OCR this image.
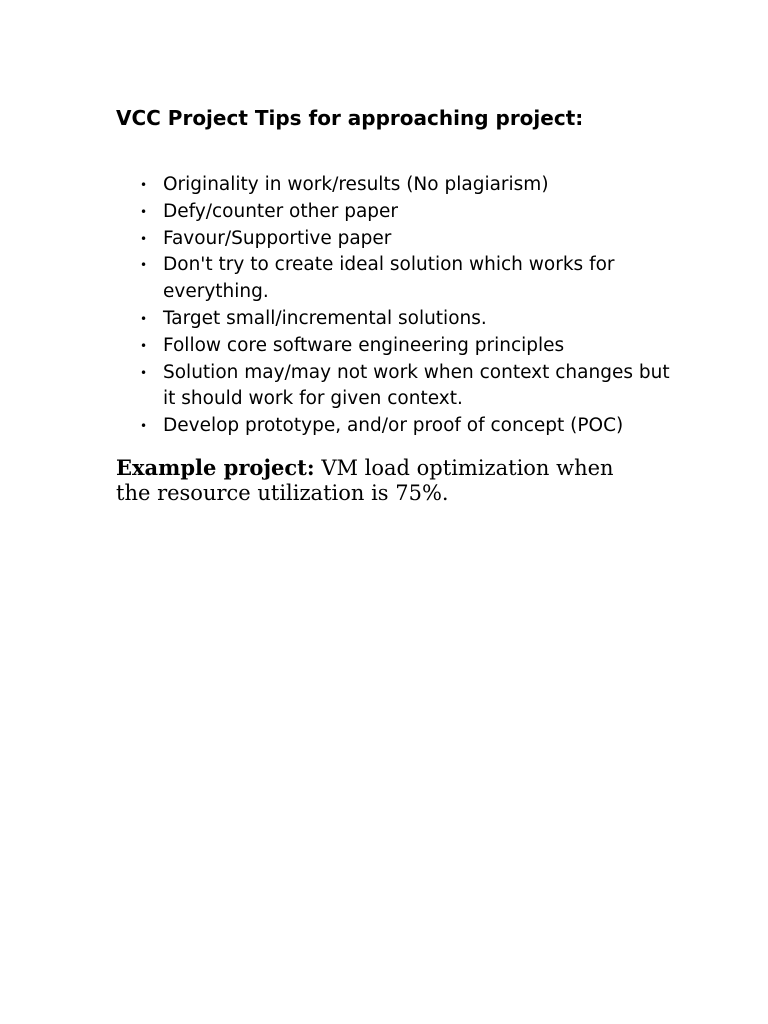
VCC Project Tips for approaching project:
• Originality in work/results (No plagiarism)
• Defy/counter other paper
• Favour/Supportive paper
• Don't try to create ideal solution which works for everything.
• Target small/incremental solutions.
• Follow core software engineering principles
• Solution may/may not work when context changes but it should work for given context.
• Develop prototype, and/or proof of concept (POC)

Example project: VM load optimization when the resource utilization is 75%.
